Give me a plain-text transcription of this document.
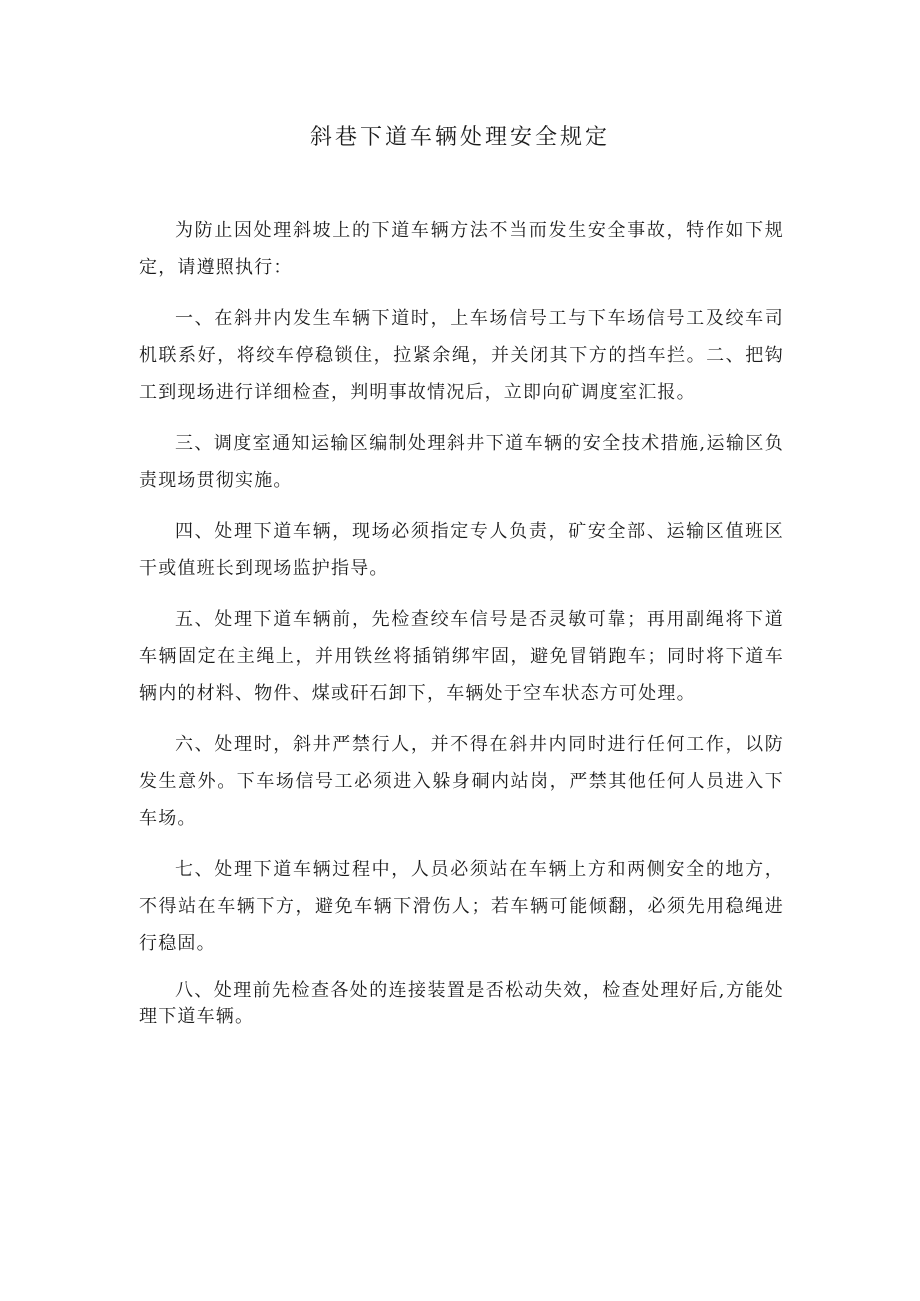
斜巷下道车辆处理安全规定

为防止因处理斜坡上的下道车辆方法不当而发生安全事故，特作如下规定，请遵照执行：

一、在斜井内发生车辆下道时，上车场信号工与下车场信号工及绞车司机联系好，将绞车停稳锁住，拉紧余绳，并关闭其下方的挡车拦。二、把钩工到现场进行详细检查，判明事故情况后，立即向矿调度室汇报。

三、调度室通知运输区编制处理斜井下道车辆的安全技术措施,运输区负责现场贯彻实施。

四、处理下道车辆，现场必须指定专人负责，矿安全部、运输区值班区干或值班长到现场监护指导。

五、处理下道车辆前，先检查绞车信号是否灵敏可靠；再用副绳将下道车辆固定在主绳上，并用铁丝将插销绑牢固，避免冒销跑车；同时将下道车辆内的材料、物件、煤或矸石卸下，车辆处于空车状态方可处理。

六、处理时，斜井严禁行人，并不得在斜井内同时进行任何工作，以防发生意外。下车场信号工必须进入躲身硐内站岗，严禁其他任何人员进入下车场。

七、处理下道车辆过程中，人员必须站在车辆上方和两侧安全的地方，不得站在车辆下方，避免车辆下滑伤人；若车辆可能倾翻，必须先用稳绳进行稳固。

八、处理前先检查各处的连接装置是否松动失效，检查处理好后,方能处理下道车辆。
